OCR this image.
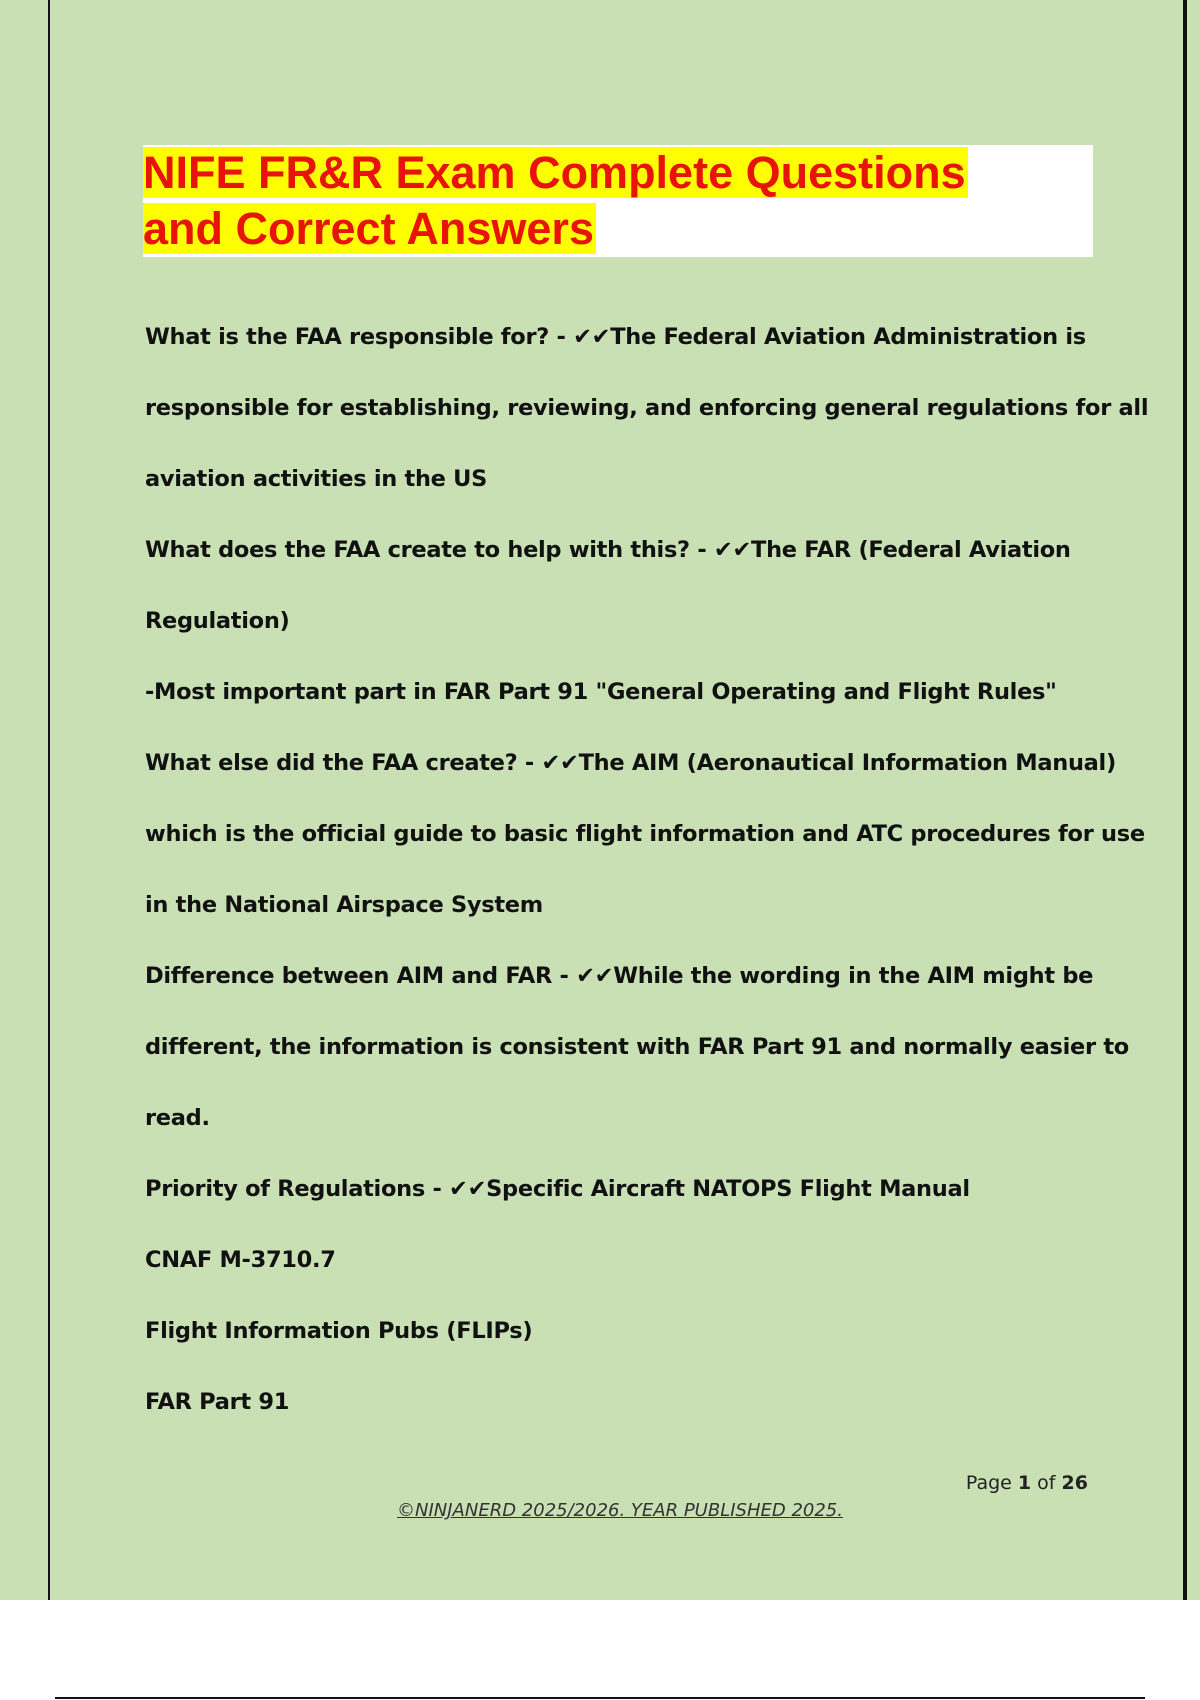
NIFE FR&R Exam Complete Questions
and Correct Answers
What is the FAA responsible for? - ✔✔The Federal Aviation Administration is
responsible for establishing, reviewing, and enforcing general regulations for all
aviation activities in the US
What does the FAA create to help with this? - ✔✔The FAR (Federal Aviation
Regulation)
-Most important part in FAR Part 91 "General Operating and Flight Rules"
What else did the FAA create? - ✔✔The AIM (Aeronautical Information Manual)
which is the official guide to basic flight information and ATC procedures for use
in the National Airspace System
Difference between AIM and FAR - ✔✔While the wording in the AIM might be
different, the information is consistent with FAR Part 91 and normally easier to
read.
Priority of Regulations - ✔✔Specific Aircraft NATOPS Flight Manual
CNAF M-3710.7
Flight Information Pubs (FLIPs)
FAR Part 91
Page 1 of 26
©NINJANERD 2025/2026. YEAR PUBLISHED 2025.
